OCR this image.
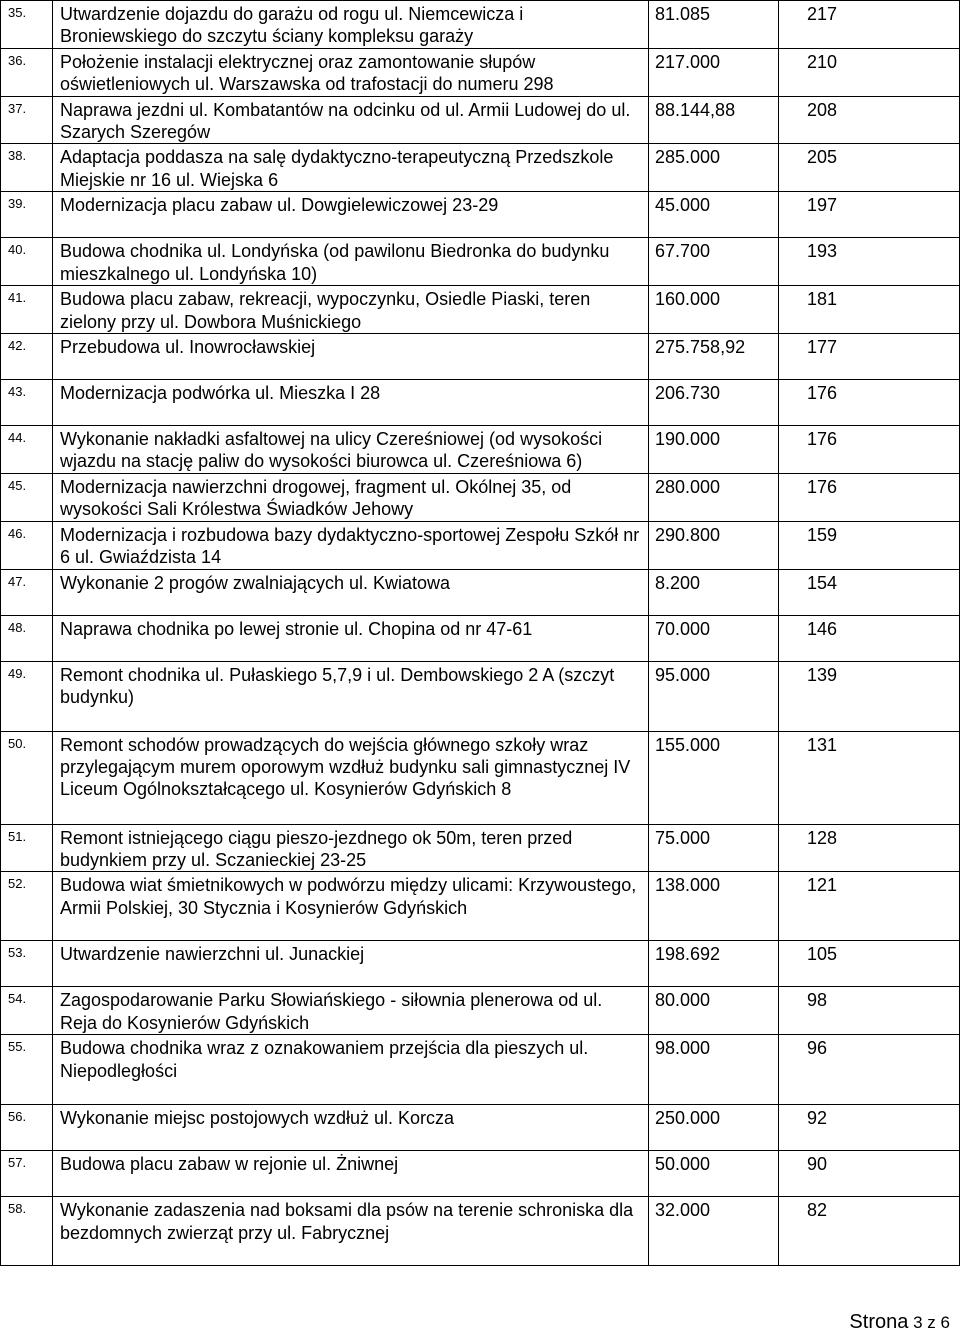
35.	Utwardzenie dojazdu do garażu od rogu ul. Niemcewicza i Broniewskiego do szczytu ściany kompleksu garaży	81.085	217
36.	Położenie instalacji elektrycznej oraz zamontowanie słupów oświetleniowych ul. Warszawska od trafostacji do numeru 298	217.000	210
37.	Naprawa jezdni ul. Kombatantów na odcinku od ul. Armii Ludowej do ul. Szarych Szeregów	88.144,88	208
38.	Adaptacja poddasza na salę dydaktyczno-terapeutyczną Przedszkole Miejskie nr 16 ul. Wiejska 6	285.000	205
39.	Modernizacja placu zabaw ul. Dowgielewiczowej 23-29	45.000	197
40.	Budowa chodnika ul. Londyńska (od pawilonu Biedronka do budynku mieszkalnego ul. Londyńska 10)	67.700	193
41.	Budowa placu zabaw, rekreacji, wypoczynku, Osiedle Piaski, teren zielony przy ul. Dowbora Muśnickiego	160.000	181
42.	Przebudowa ul. Inowrocławskiej	275.758,92	177
43.	Modernizacja podwórka ul. Mieszka I 28	206.730	176
44.	Wykonanie nakładki asfaltowej na ulicy Czereśniowej (od wysokości wjazdu na stację paliw do wysokości biurowca ul. Czereśniowa 6)	190.000	176
45.	Modernizacja nawierzchni drogowej, fragment ul. Okólnej 35, od wysokości Sali Królestwa Świadków Jehowy	280.000	176
46.	Modernizacja i rozbudowa bazy dydaktyczno-sportowej Zespołu Szkół nr 6 ul. Gwiaździsta 14	290.800	159
47.	Wykonanie 2 progów zwalniających ul. Kwiatowa	8.200	154
48.	Naprawa chodnika po lewej stronie ul. Chopina od nr 47-61	70.000	146
49.	Remont chodnika ul. Pułaskiego 5,7,9 i ul. Dembowskiego 2 A (szczyt budynku)	95.000	139
50.	Remont schodów prowadzących do wejścia głównego szkoły wraz przylegającym murem oporowym wzdłuż budynku sali gimnastycznej IV Liceum Ogólnokształcącego ul. Kosynierów Gdyńskich 8	155.000	131
51.	Remont istniejącego ciągu pieszo-jezdnego ok 50m, teren przed budynkiem przy ul. Sczanieckiej 23-25	75.000	128
52.	Budowa wiat śmietnikowych w podwórzu między ulicami: Krzywoustego, Armii Polskiej, 30 Stycznia i Kosynierów Gdyńskich	138.000	121
53.	Utwardzenie nawierzchni ul. Junackiej	198.692	105
54.	Zagospodarowanie Parku Słowiańskiego - siłownia plenerowa od ul. Reja do Kosynierów Gdyńskich	80.000	98
55.	Budowa chodnika wraz z oznakowaniem przejścia dla pieszych ul. Niepodległości	98.000	96
56.	Wykonanie miejsc postojowych wzdłuż ul. Korcza	250.000	92
57.	Budowa placu zabaw w rejonie ul. Żniwnej	50.000	90
58.	Wykonanie zadaszenia nad boksami dla psów na terenie schroniska dla bezdomnych zwierząt przy ul. Fabrycznej	32.000	82
Strona 3 z 6
